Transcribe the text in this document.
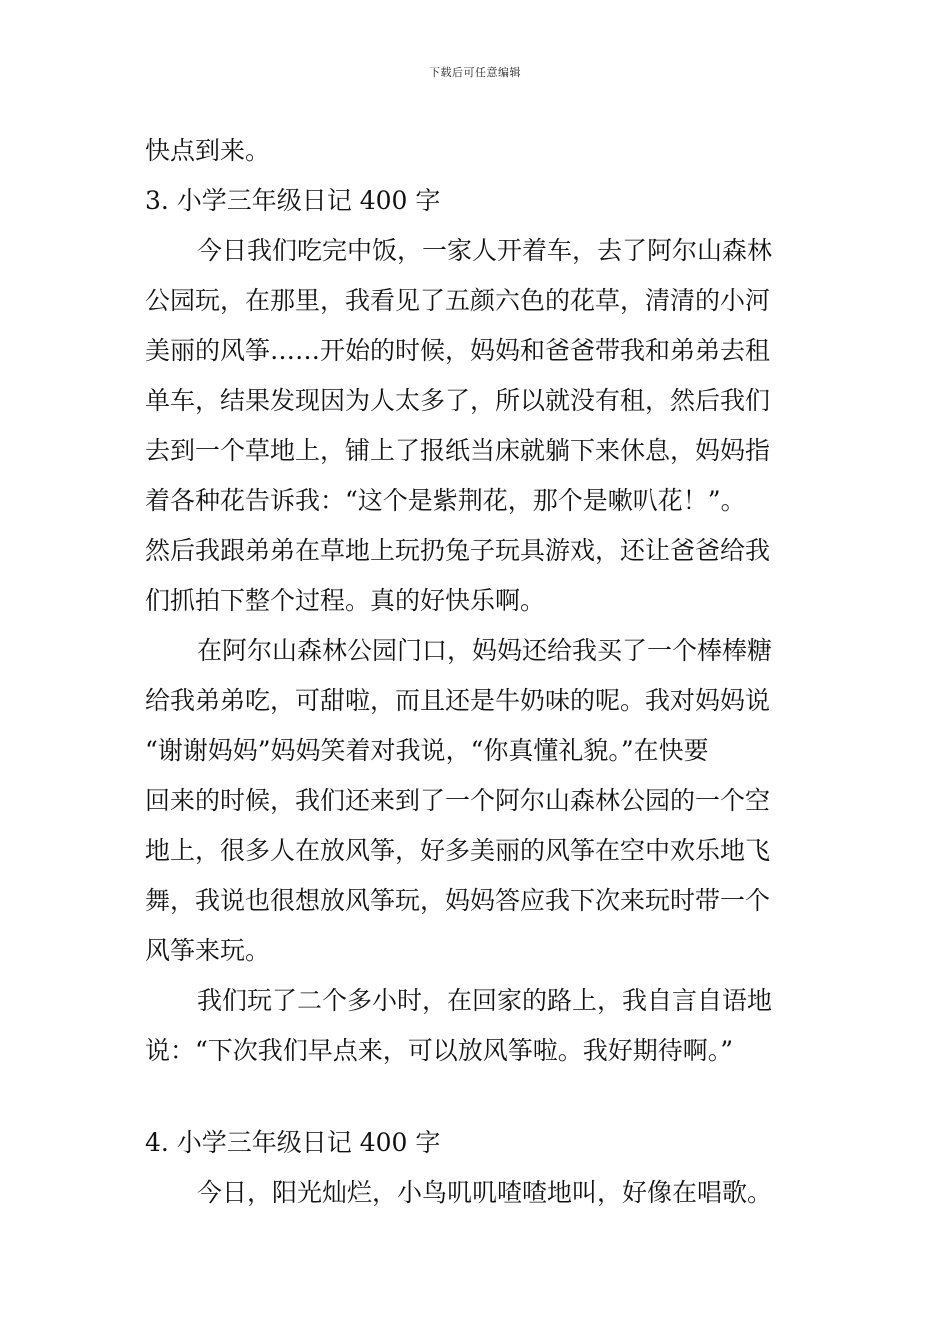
下载后可任意编辑
快点到来。
3. 小学三年级日记 400 字
今日我们吃完中饭，一家人开着车，去了阿尔山森林
公园玩，在那里，我看见了五颜六色的花草，清清的小河
美丽的风筝……开始的时候，妈妈和爸爸带我和弟弟去租
单车，结果发现因为人太多了，所以就没有租，然后我们
去到一个草地上，铺上了报纸当床就躺下来休息，妈妈指
着各种花告诉我：“这个是紫荆花，那个是嗽叭花！”。
然后我跟弟弟在草地上玩扔兔子玩具游戏，还让爸爸给我
们抓拍下整个过程。真的好快乐啊。
在阿尔山森林公园门口，妈妈还给我买了一个棒棒糖
给我弟弟吃，可甜啦，而且还是牛奶味的呢。我对妈妈说
“谢谢妈妈”妈妈笑着对我说，“你真懂礼貌。”在快要
回来的时候，我们还来到了一个阿尔山森林公园的一个空
地上，很多人在放风筝，好多美丽的风筝在空中欢乐地飞
舞，我说也很想放风筝玩，妈妈答应我下次来玩时带一个
风筝来玩。
我们玩了二个多小时，在回家的路上，我自言自语地
说：“下次我们早点来，可以放风筝啦。我好期待啊。”
4. 小学三年级日记 400 字
今日，阳光灿烂，小鸟叽叽喳喳地叫，好像在唱歌。
